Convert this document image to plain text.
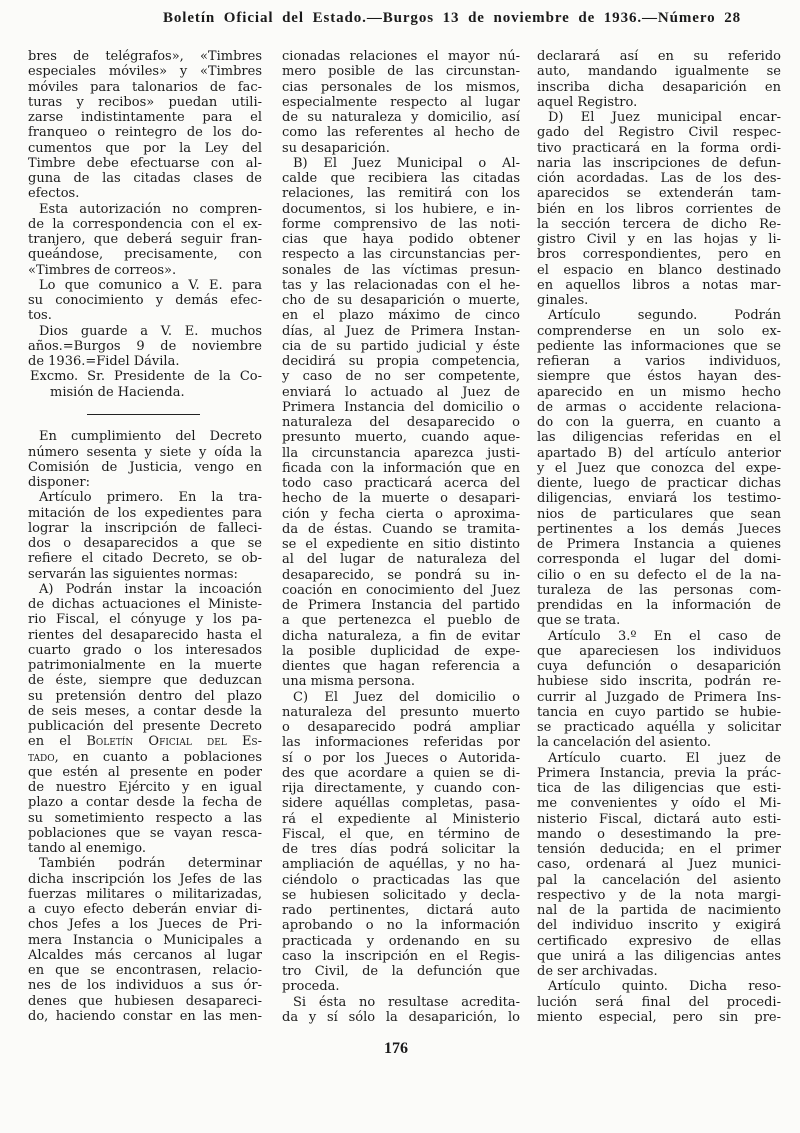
Boletín Oficial del Estado.—Burgos 13 de noviembre de 1936.—Número 28
bres de telégrafos», «Timbres
especiales móviles» y «Timbres
móviles para talonarios de fac-
turas y recibos» puedan utili-
zarse indistintamente para el
franqueo o reintegro de los do-
cumentos que por la Ley del
Timbre debe efectuarse con al-
guna de las citadas clases de
efectos.
Esta autorización no compren-
de la correspondencia con el ex-
tranjero, que deberá seguir fran-
queándose, precisamente, con
«Timbres de correos».
Lo que comunico a V. E. para
su conocimiento y demás efec-
tos.
Dios guarde a V. E. muchos
años.=Burgos 9 de noviembre
de 1936.=Fidel Dávila.
Excmo. Sr. Presidente de la Co-
misión de Hacienda.
En cumplimiento del Decreto
número sesenta y siete y oída la
Comisión de Justicia, vengo en
disponer:
Artículo primero. En la tra-
mitación de los expedientes para
lograr la inscripción de falleci-
dos o desaparecidos a que se
refiere el citado Decreto, se ob-
servarán las siguientes normas:
A) Podrán instar la incoación
de dichas actuaciones el Ministe-
rio Fiscal, el cónyuge y los pa-
rientes del desaparecido hasta el
cuarto grado o los interesados
patrimonialmente en la muerte
de éste, siempre que deduzcan
su pretensión dentro del plazo
de seis meses, a contar desde la
publicación del presente Decreto
en el Boletín Oficial del Es-
tado, en cuanto a poblaciones
que estén al presente en poder
de nuestro Ejército y en igual
plazo a contar desde la fecha de
su sometimiento respecto a las
poblaciones que se vayan resca-
tando al enemigo.
También podrán determinar
dicha inscripción los Jefes de las
fuerzas militares o militarizadas,
a cuyo efecto deberán enviar di-
chos Jefes a los Jueces de Pri-
mera Instancia o Municipales a
Alcaldes más cercanos al lugar
en que se encontrasen, relacio-
nes de los individuos a sus ór-
denes que hubiesen desapareci-
do, haciendo constar en las men-
cionadas relaciones el mayor nú-
mero posible de las circunstan-
cias personales de los mismos,
especialmente respecto al lugar
de su naturaleza y domicilio, así
como las referentes al hecho de
su desaparición.
B) El Juez Municipal o Al-
calde que recibiera las citadas
relaciones, las remitirá con los
documentos, si los hubiere, e in-
forme comprensivo de las noti-
cias que haya podido obtener
respecto a las circunstancias per-
sonales de las víctimas presun-
tas y las relacionadas con el he-
cho de su desaparición o muerte,
en el plazo máximo de cinco
días, al Juez de Primera Instan-
cia de su partido judicial y éste
decidirá su propia competencia,
y caso de no ser competente,
enviará lo actuado al Juez de
Primera Instancia del domicilio o
naturaleza del desaparecido o
presunto muerto, cuando aque-
lla circunstancia aparezca justi-
ficada con la información que en
todo caso practicará acerca del
hecho de la muerte o desapari-
ción y fecha cierta o aproxima-
da de éstas. Cuando se tramita-
se el expediente en sitio distinto
al del lugar de naturaleza del
desaparecido, se pondrá su in-
coación en conocimiento del Juez
de Primera Instancia del partido
a que pertenezca el pueblo de
dicha naturaleza, a fin de evitar
la posible duplicidad de expe-
dientes que hagan referencia a
una misma persona.
C) El Juez del domicilio o
naturaleza del presunto muerto
o desaparecido podrá ampliar
las informaciones referidas por
sí o por los Jueces o Autorida-
des que acordare a quien se di-
rija directamente, y cuando con-
sidere aquéllas completas, pasa-
rá el expediente al Ministerio
Fiscal, el que, en término de
de tres días podrá solicitar la
ampliación de aquéllas, y no ha-
ciéndolo o practicadas las que
se hubiesen solicitado y decla-
rado pertinentes, dictará auto
aprobando o no la información
practicada y ordenando en su
caso la inscripción en el Regis-
tro Civil, de la defunción que
proceda.
Si ésta no resultase acredita-
da y sí sólo la desaparición, lo
declarará así en su referido
auto, mandando igualmente se
inscriba dicha desaparición en
aquel Registro.
D) El Juez municipal encar-
gado del Registro Civil respec-
tivo practicará en la forma ordi-
naria las inscripciones de defun-
ción acordadas. Las de los des-
aparecidos se extenderán tam-
bién en los libros corrientes de
la sección tercera de dicho Re-
gistro Civil y en las hojas y li-
bros correspondientes, pero en
el espacio en blanco destinado
en aquellos libros a notas mar-
ginales.
Artículo segundo. Podrán
comprenderse en un solo ex-
pediente las informaciones que se
refieran a varios individuos,
siempre que éstos hayan des-
aparecido en un mismo hecho
de armas o accidente relaciona-
do con la guerra, en cuanto a
las diligencias referidas en el
apartado B) del artículo anterior
y el Juez que conozca del expe-
diente, luego de practicar dichas
diligencias, enviará los testimo-
nios de particulares que sean
pertinentes a los demás Jueces
de Primera Instancia a quienes
corresponda el lugar del domi-
cilio o en su defecto el de la na-
turaleza de las personas com-
prendidas en la información de
que se trata.
Artículo 3.º En el caso de
que apareciesen los individuos
cuya defunción o desaparición
hubiese sido inscrita, podrán re-
currir al Juzgado de Primera Ins-
tancia en cuyo partido se hubie-
se practicado aquélla y solicitar
la cancelación del asiento.
Artículo cuarto. El juez de
Primera Instancia, previa la prác-
tica de las diligencias que esti-
me convenientes y oído el Mi-
nisterio Fiscal, dictará auto esti-
mando o desestimando la pre-
tensión deducida; en el primer
caso, ordenará al Juez munici-
pal la cancelación del asiento
respectivo y de la nota margi-
nal de la partida de nacimiento
del individuo inscrito y exigirá
certificado expresivo de ellas
que unirá a las diligencias antes
de ser archivadas.
Artículo quinto. Dicha reso-
lución será final del procedi-
miento especial, pero sin pre-
176
